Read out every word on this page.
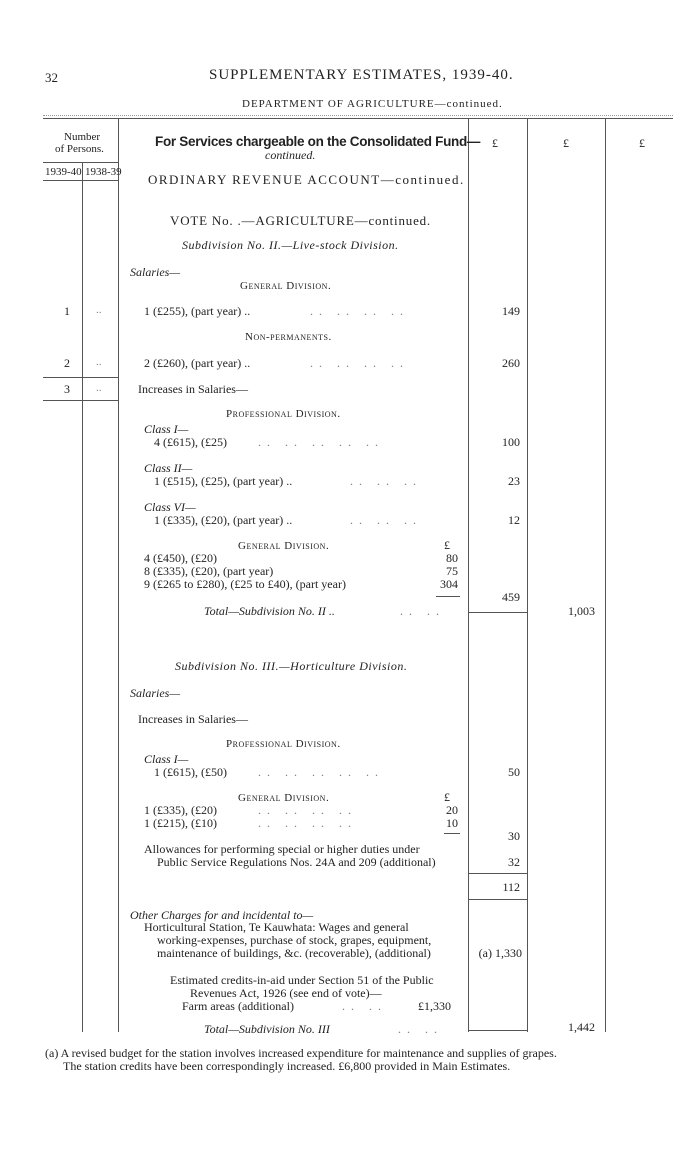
32	SUPPLEMENTARY ESTIMATES, 1939-40.
DEPARTMENT OF AGRICULTURE—continued.
Number
of Persons.
1939-40 1938-39
For Services chargeable on the Consolidated Fund—
continued.
£	£	£
ORDINARY REVENUE ACCOUNT—continued.
VOTE No. .—AGRICULTURE—continued.
Subdivision No. II.—Live-stock Division.
Salaries—
General Division.
1 ..	1 (£255), (part year) ..	.. .. .. ..	149
Non-permanents.
2 ..	2 (£260), (part year) ..	.. .. .. ..	260
3 ..	Increases in Salaries—
Professional Division.
Class I—
4 (£615), (£25)	.. .. .. .. ..	100
Class II—
1 (£515), (£25), (part year) ..	.. .. ..	23
Class VI—
1 (£335), (£20), (part year) ..	.. .. ..	12
General Division.	£
4 (£450), (£20)	80
8 (£335), (£20), (part year)	75
9 (£265 to £280), (£25 to £40), (part year)	304
459
Total—Subdivision No. II ..	.. ..	1,003
Subdivision No. III.—Horticulture Division.
Salaries—
Increases in Salaries—
Professional Division.
Class I—
1 (£615), (£50)	.. .. .. .. ..	50
General Division.	£
1 (£335), (£20)	.. .. .. ..	20
1 (£215), (£10)	.. .. .. ..	10
30
Allowances for performing special or higher duties under
Public Service Regulations Nos. 24A and 209 (additional)	32
112
Other Charges for and incidental to—
Horticultural Station, Te Kauwhata: Wages and general
working-expenses, purchase of stock, grapes, equipment,
maintenance of buildings, &c. (recoverable), (additional)	(a) 1,330
Estimated credits-in-aid under Section 51 of the Public
Revenues Act, 1926 (see end of vote)—
Farm areas (additional)	.. ..	£1,330
Total—Subdivision No. III	.. ..	1,442
(a) A revised budget for the station involves increased expenditure for maintenance and supplies of grapes.
The station credits have been correspondingly increased. £6,800 provided in Main Estimates.
